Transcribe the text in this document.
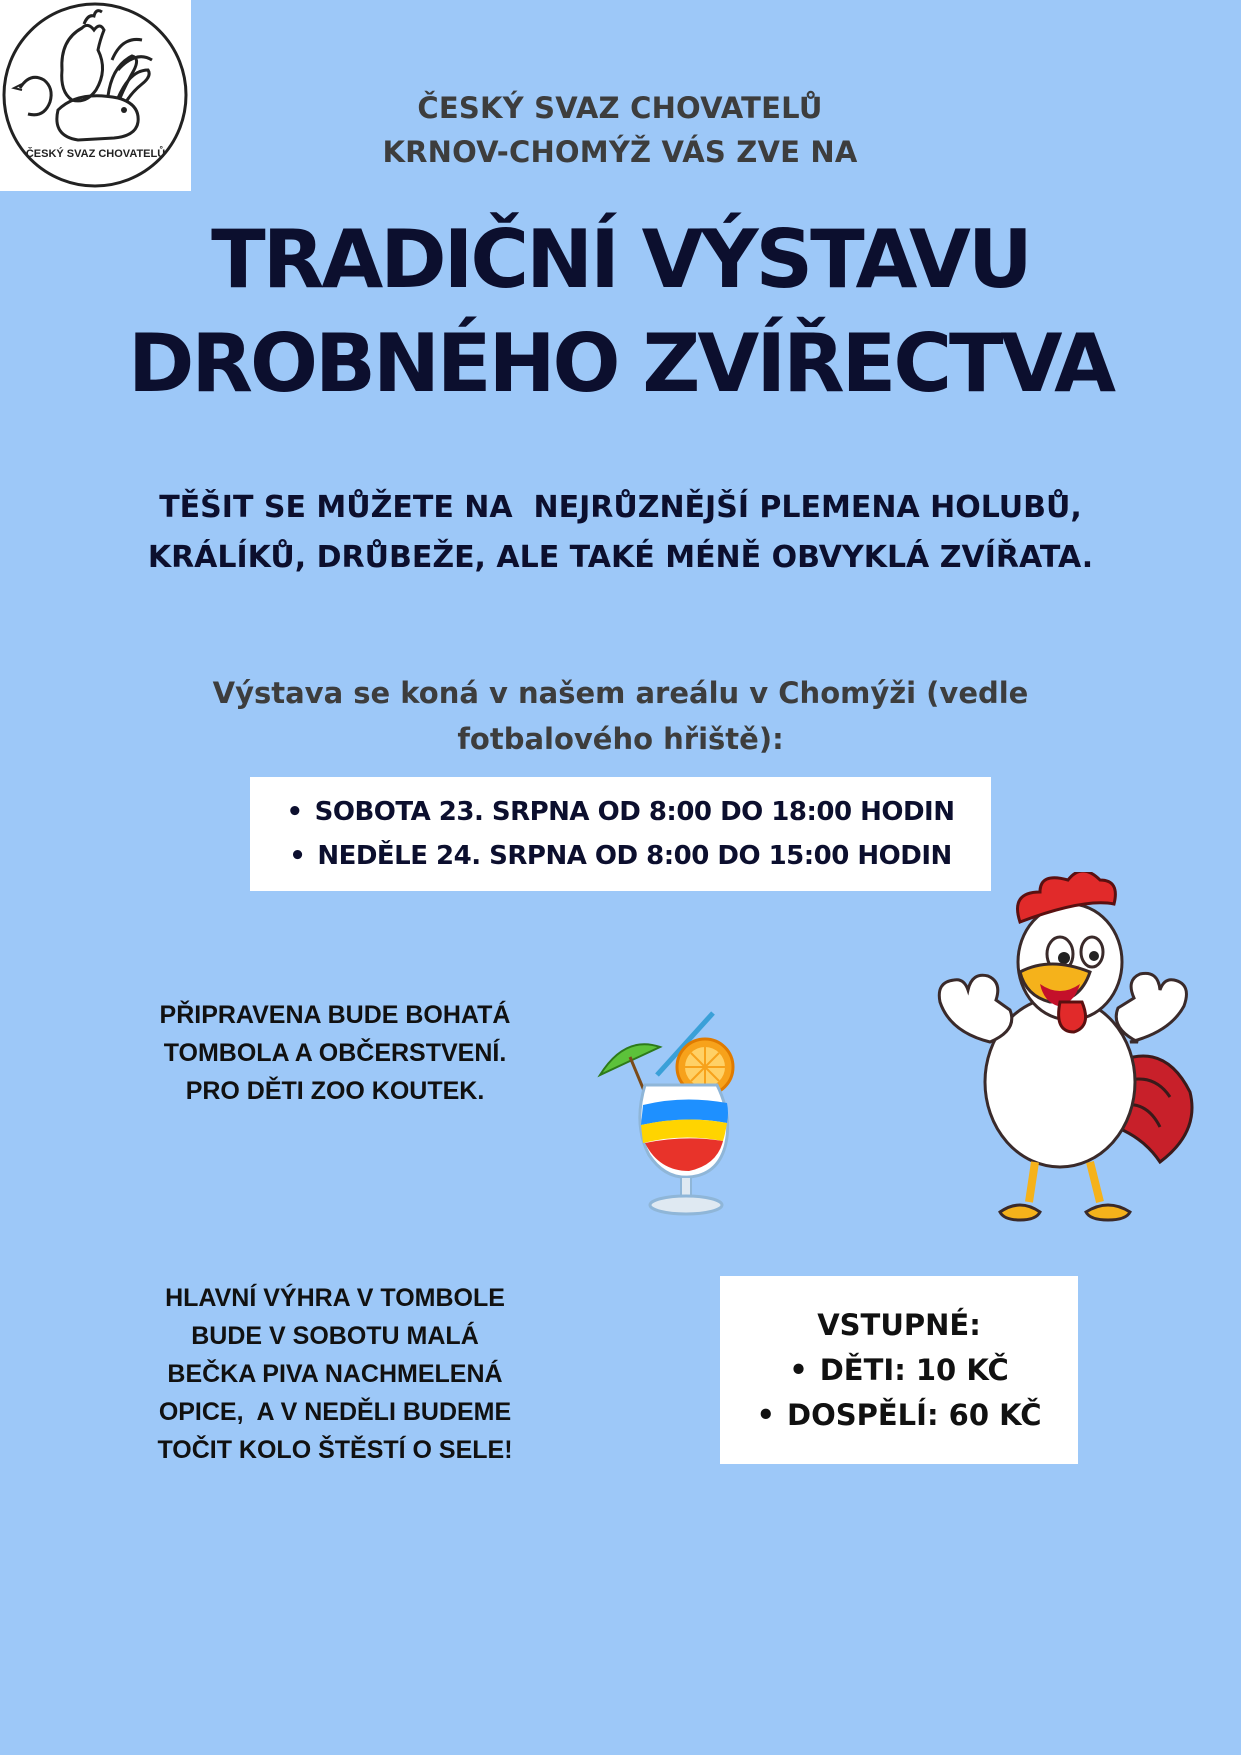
ČESKÝ SVAZ CHOVATELŮ
ČESKÝ SVAZ CHOVATELŮ
KRNOV-CHOMÝŽ VÁS ZVE NA
TRADIČNÍ VÝSTAVU
DROBNÉHO ZVÍŘECTVA
TĚŠIT SE MŮŽETE NA  NEJRŮZNĚJŠÍ PLEMENA HOLUBŮ,
KRÁLÍKŮ, DRŮBEŽE, ALE TAKÉ MÉNĚ OBVYKLÁ ZVÍŘATA.
Výstava se koná v našem areálu v Chomýži (vedle
fotbalového hřiště):
• SOBOTA 23. SRPNA OD 8:00 DO 18:00 HODIN
• NEDĚLE 24. SRPNA OD 8:00 DO 15:00 HODIN
PŘIPRAVENA BUDE BOHATÁ
TOMBOLA A OBČERSTVENÍ.
PRO DĚTI ZOO KOUTEK.
HLAVNÍ VÝHRA V TOMBOLE
BUDE V SOBOTU MALÁ
BEČKA PIVA NACHMELENÁ
OPICE,  A V NEDĚLI BUDEME
TOČIT KOLO ŠTĚSTÍ O SELE!
VSTUPNÉ:
• DĚTI: 10 KČ
• DOSPĚLÍ: 60 KČ
